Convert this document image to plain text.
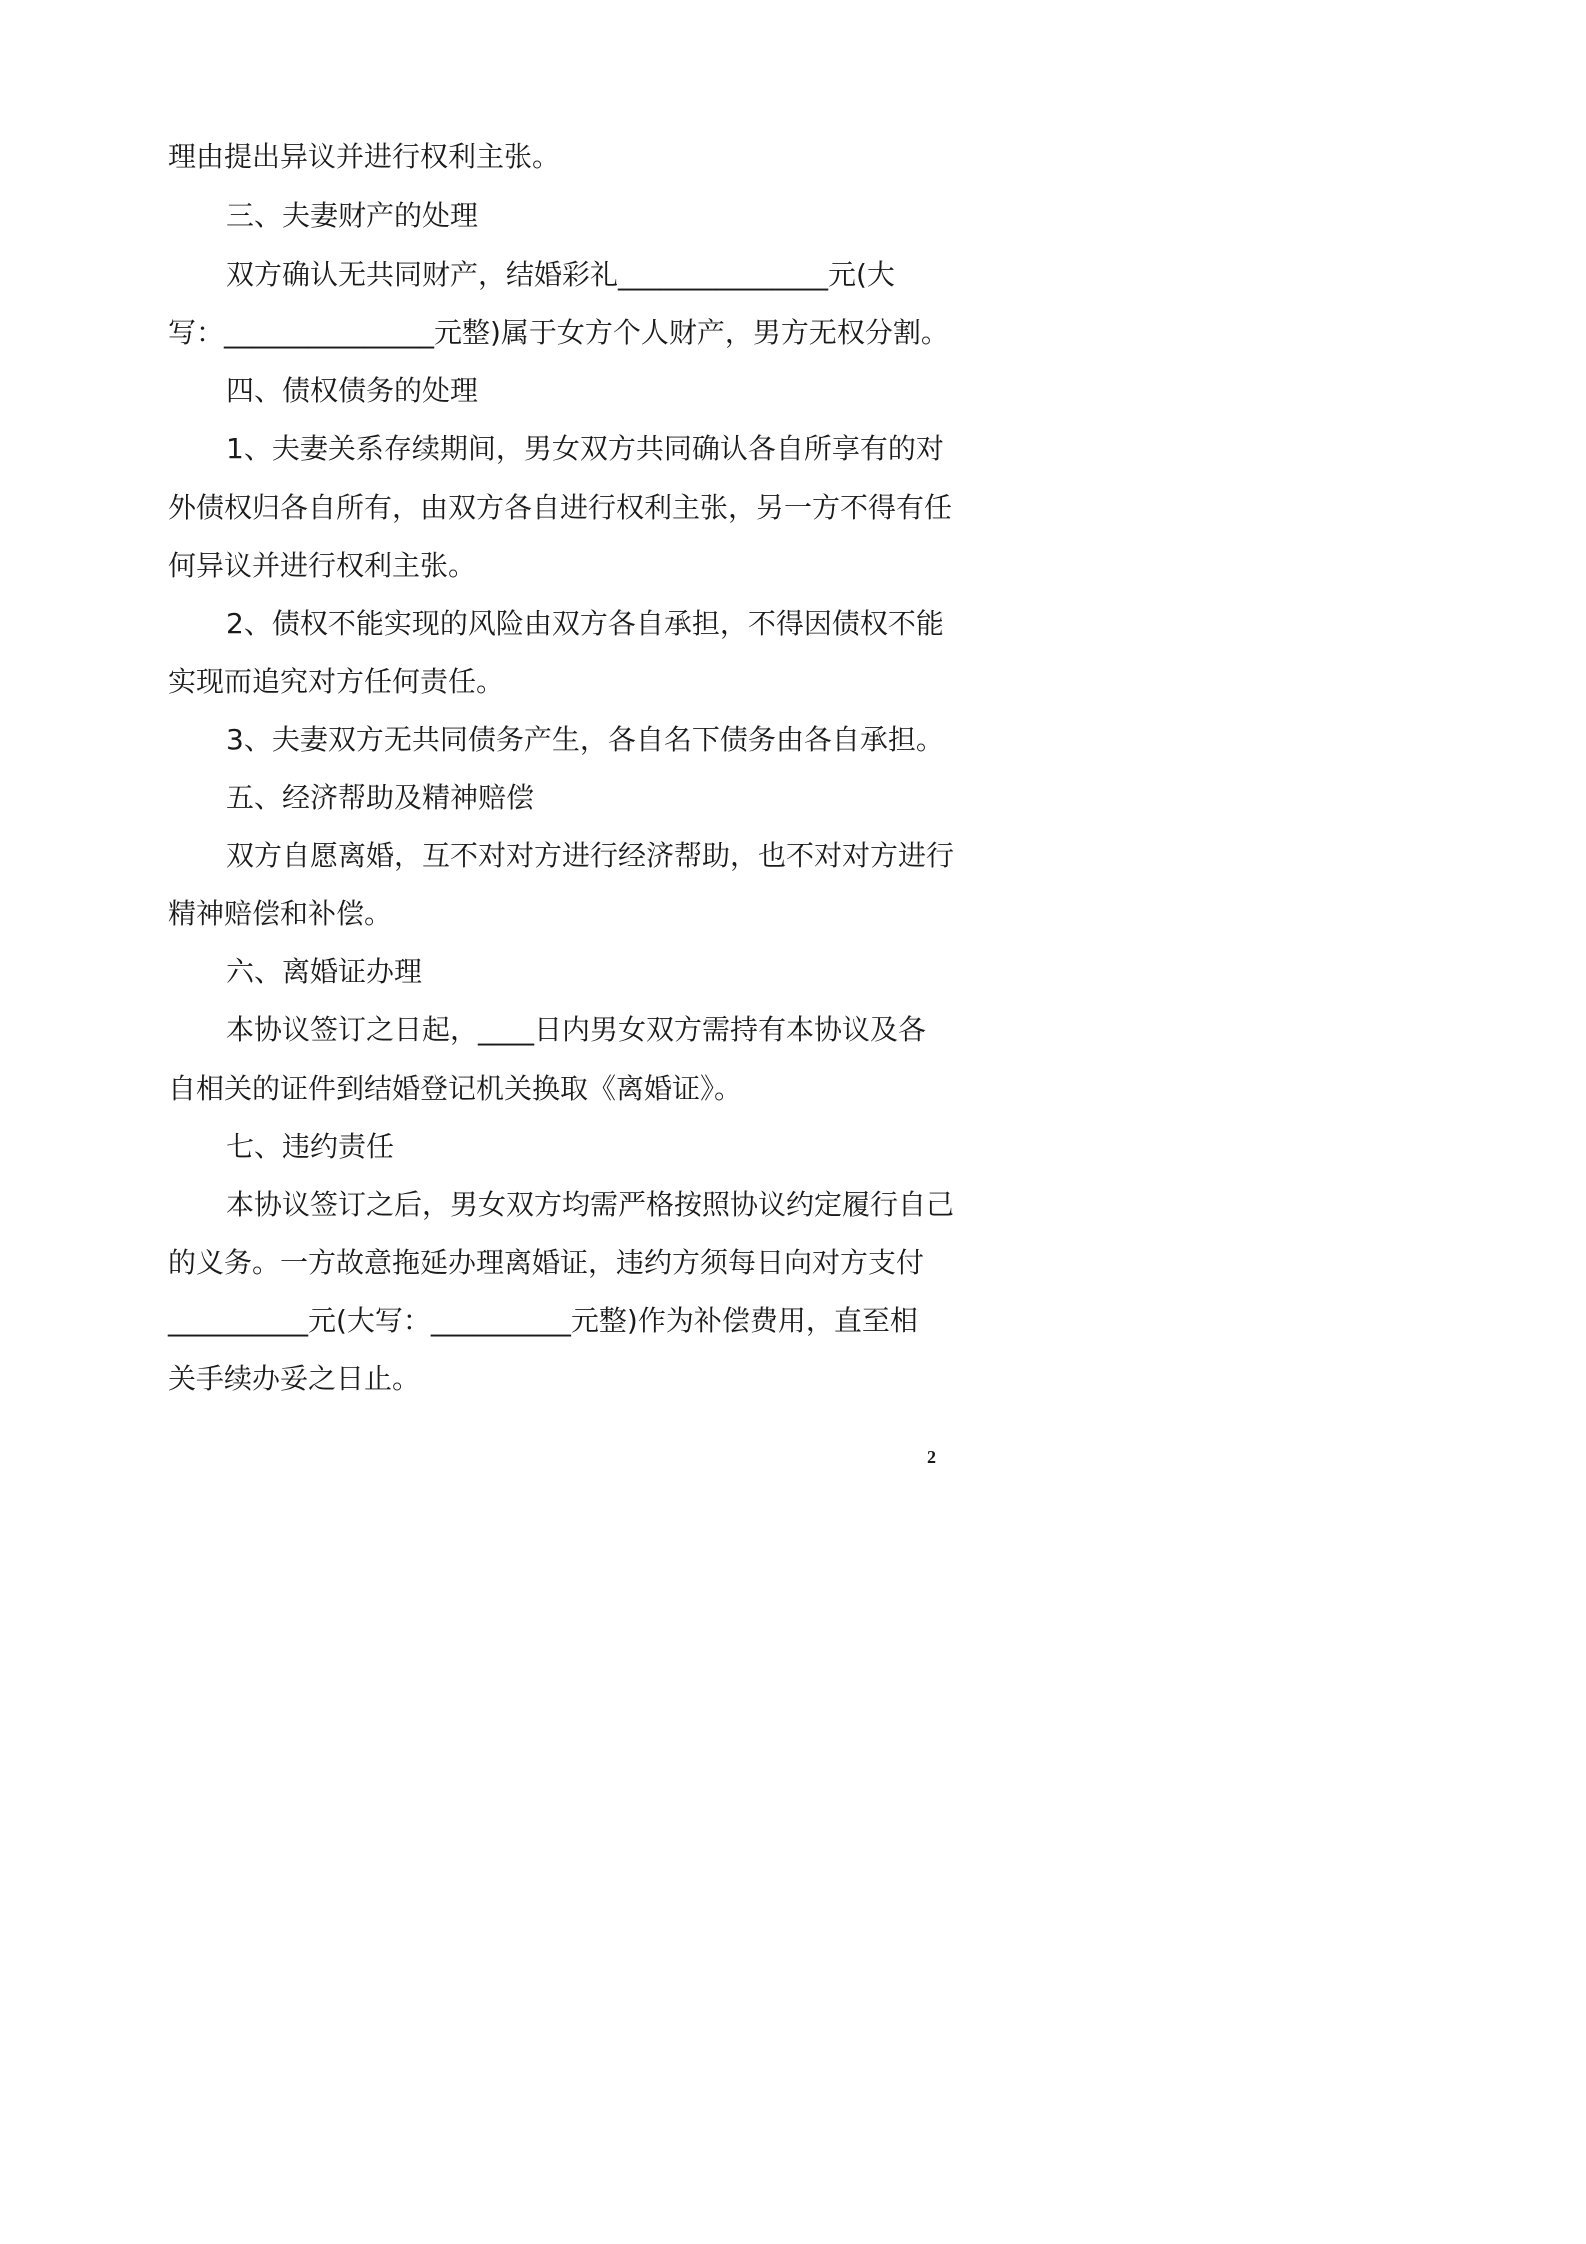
理由提出异议并进行权利主张。
三、夫妻财产的处理
双方确认无共同财产，结婚彩礼_______________元(大
写：_______________元整)属于女方个人财产，男方无权分割。
四、债权债务的处理
1、夫妻关系存续期间，男女双方共同确认各自所享有的对
外债权归各自所有，由双方各自进行权利主张，另一方不得有任
何异议并进行权利主张。
2、债权不能实现的风险由双方各自承担，不得因债权不能
实现而追究对方任何责任。
3、夫妻双方无共同债务产生，各自名下债务由各自承担。
五、经济帮助及精神赔偿
双方自愿离婚，互不对对方进行经济帮助，也不对对方进行
精神赔偿和补偿。
六、离婚证办理
本协议签订之日起，____日内男女双方需持有本协议及各
自相关的证件到结婚登记机关换取《离婚证》。
七、违约责任
本协议签订之后，男女双方均需严格按照协议约定履行自己
的义务。一方故意拖延办理离婚证，违约方须每日向对方支付
__________元(大写：__________元整)作为补偿费用，直至相
关手续办妥之日止。
2
